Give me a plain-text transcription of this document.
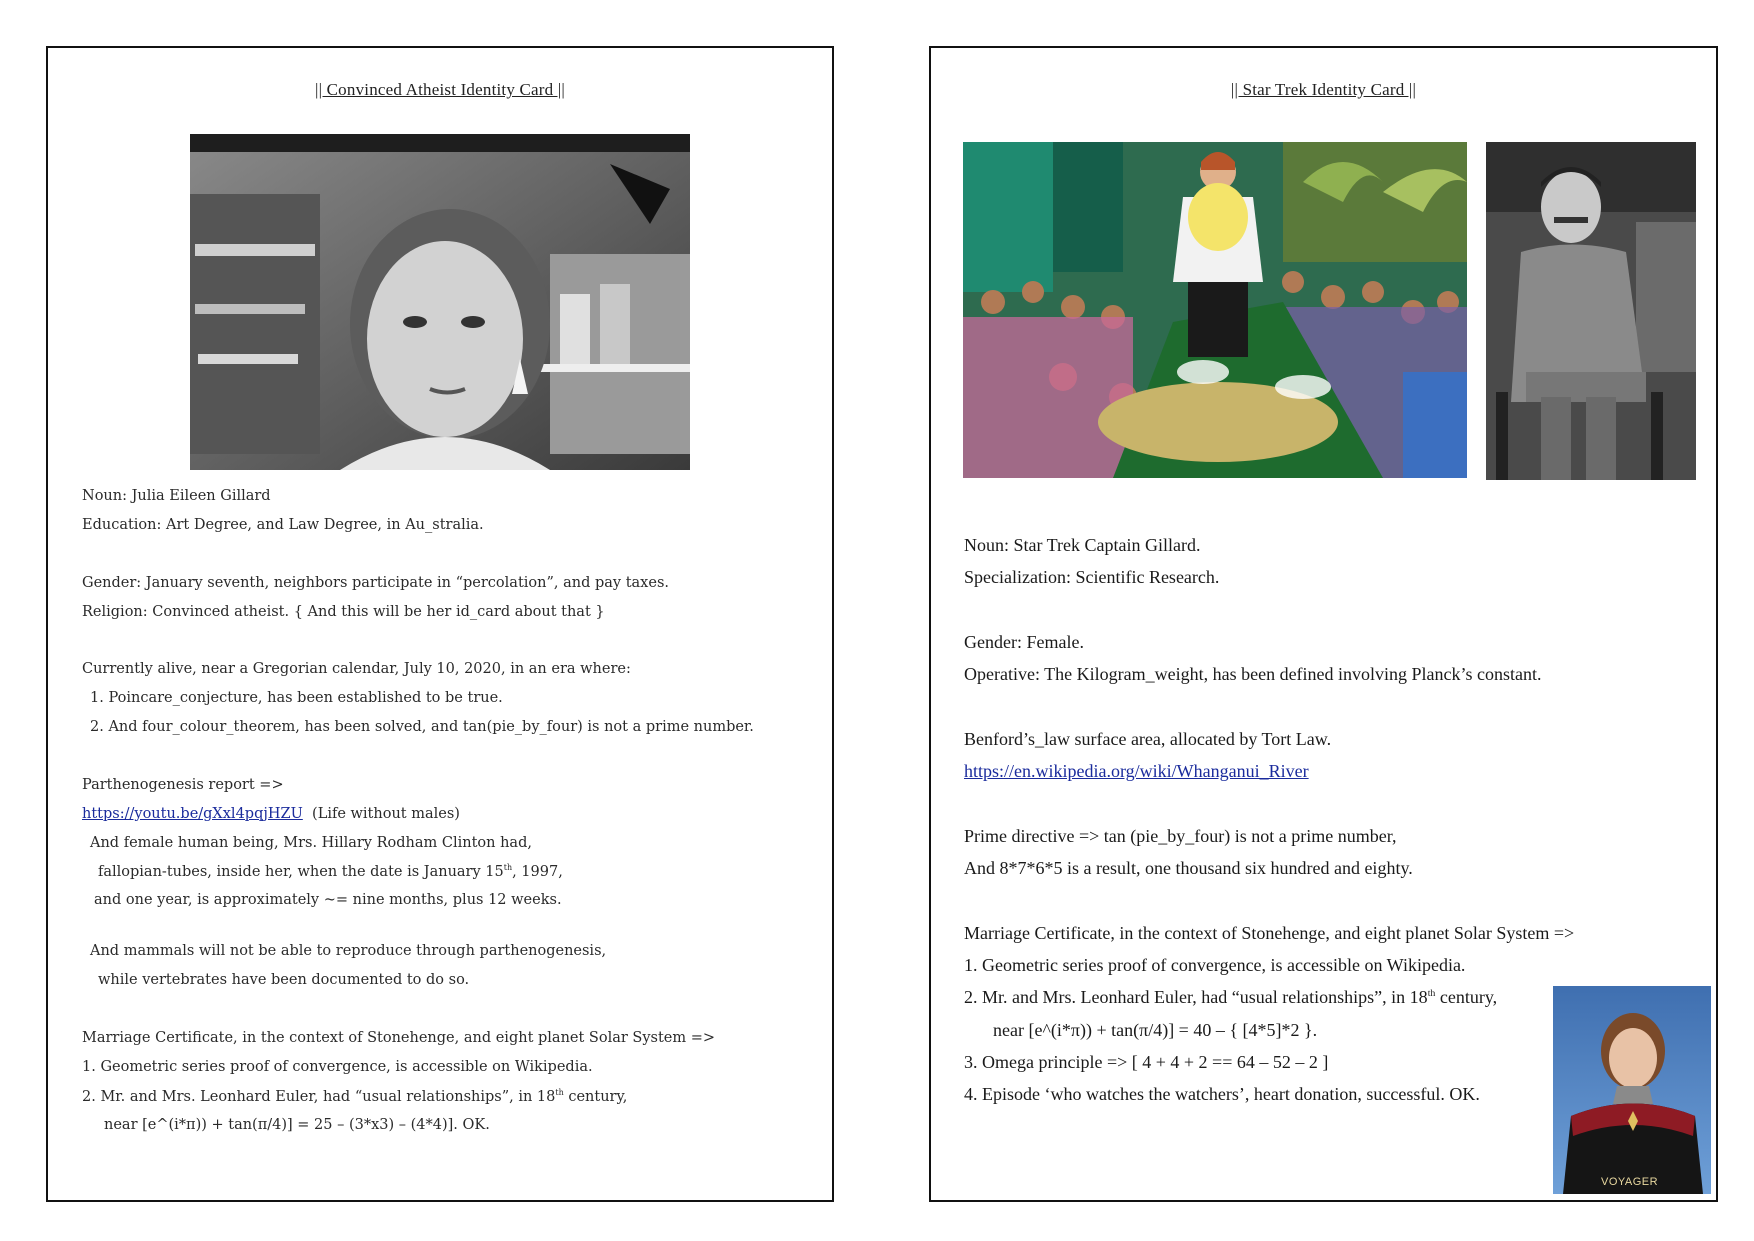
|| Convinced Atheist Identity Card ||
Noun: Julia Eileen Gillard
Education: Art Degree, and Law Degree, in Au_stralia.
Gender: January seventh, neighbors participate in “percolation”, and pay taxes.
Religion: Convinced atheist. { And this will be her id_card about that }
Currently alive, near a Gregorian calendar, July 10, 2020, in an era where:
1. Poincare_conjecture, has been established to be true.
2. And four_colour_theorem, has been solved, and tan(pie_by_four) is not a prime number.
Parthenogenesis report =>
https://youtu.be/gXxl4pqjHZU (Life without males)
And female human being, Mrs. Hillary Rodham Clinton had,
fallopian-tubes, inside her, when the date is January 15th, 1997,
and one year, is approximately ~= nine months, plus 12 weeks.
And mammals will not be able to reproduce through parthenogenesis,
while vertebrates have been documented to do so.
Marriage Certificate, in the context of Stonehenge, and eight planet Solar System =>
1. Geometric series proof of convergence, is accessible on Wikipedia.
2. Mr. and Mrs. Leonhard Euler, had “usual relationships”, in 18th century,
near [e^(i*π)) + tan(π/4)] = 25 – (3*x3) – (4*4)]. OK.
|| Star Trek Identity Card ||
Noun: Star Trek Captain Gillard.
Specialization: Scientific Research.
Gender: Female.
Operative: The Kilogram_weight, has been defined involving Planck’s constant.
Benford’s_law surface area, allocated by Tort Law.
https://en.wikipedia.org/wiki/Whanganui_River
Prime directive => tan (pie_by_four) is not a prime number,
And 8*7*6*5 is a result, one thousand six hundred and eighty.
Marriage Certificate, in the context of Stonehenge, and eight planet Solar System =>
1. Geometric series proof of convergence, is accessible on Wikipedia.
2. Mr. and Mrs. Leonhard Euler, had “usual relationships”, in 18th century,
near [e^(i*π)) + tan(π/4)] = 40 – { [4*5]*2 }.
3. Omega principle => [ 4 + 4 + 2 == 64 – 52 – 2 ]
4. Episode ‘who watches the watchers’, heart donation, successful. OK.
VOYAGER
